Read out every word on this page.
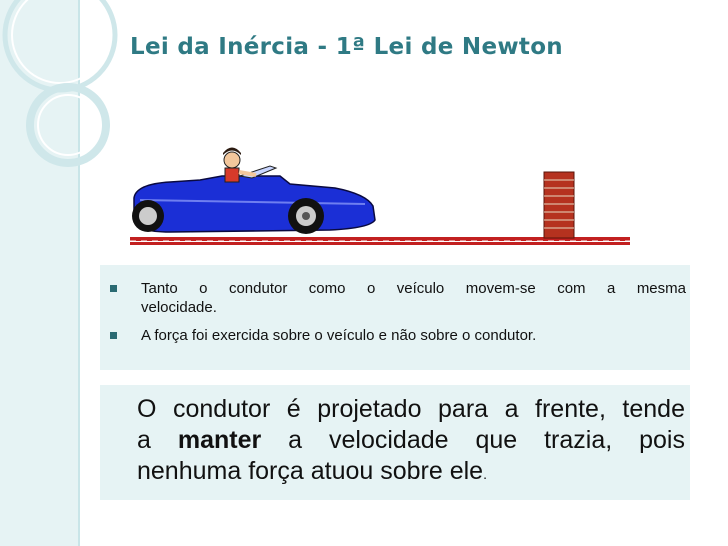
Lei da Inércia - 1ª Lei de Newton
Tanto o condutor como o veículo movem-se com a mesma
velocidade.
A força foi exercida sobre o veículo e não sobre o condutor.
O condutor é projetado para a frente, tende
a manter a velocidade que trazia, pois
nenhuma força atuou sobre ele.
